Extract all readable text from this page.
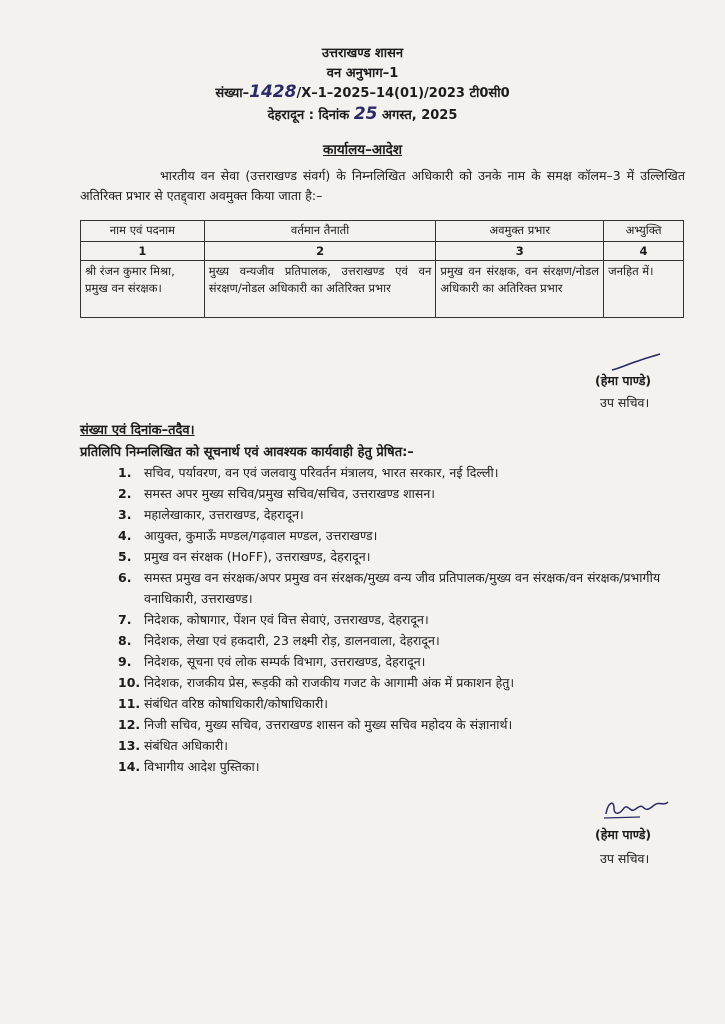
उत्तराखण्ड शासन
वन अनुभाग–1
संख्या–1428/X–1–2025–14(01)/2023 टी0सी0
देहरादून : दिनांक 25 अगस्त, 2025
कार्यालय–आदेश
भारतीय वन सेवा (उत्तराखण्ड संवर्ग) के निम्नलिखित अधिकारी को उनके नाम के समक्ष कॉलम–3 में उल्लिखित अतिरिक्त प्रभार से एतद्द्वारा अवमुक्त किया जाता है:–
नाम एवं पदनाम	वर्तमान तैनाती	अवमुक्त प्रभार	अभ्युक्ति
1	2	3	4
श्री रंजन कुमार मिश्रा, प्रमुख वन संरक्षक।	मुख्य वन्यजीव प्रतिपालक, उत्तराखण्ड एवं वन संरक्षण/नोडल अधिकारी का अतिरिक्त प्रभार	प्रमुख वन संरक्षक, वन संरक्षण/नोडल अधिकारी का अतिरिक्त प्रभार	जनहित में।
(हेमा पाण्डे)
उप सचिव।
संख्या एवं दिनांक–तदैव।
प्रतिलिपि निम्नलिखित को सूचनार्थ एवं आवश्यक कार्यवाही हेतु प्रेषित:–
1.	सचिव, पर्यावरण, वन एवं जलवायु परिवर्तन मंत्रालय, भारत सरकार, नई दिल्ली।
2.	समस्त अपर मुख्य सचिव/प्रमुख सचिव/सचिव, उत्तराखण्ड शासन।
3.	महालेखाकार, उत्तराखण्ड, देहरादून।
4.	आयुक्त, कुमाऊँ मण्डल/गढ़वाल मण्डल, उत्तराखण्ड।
5.	प्रमुख वन संरक्षक (HoFF), उत्तराखण्ड, देहरादून।
6.	समस्त प्रमुख वन संरक्षक/अपर प्रमुख वन संरक्षक/मुख्य वन्य जीव प्रतिपालक/मुख्य वन संरक्षक/वन संरक्षक/प्रभागीय वनाधिकारी, उत्तराखण्ड।
7.	निदेशक, कोषागार, पेंशन एवं वित्त सेवाएं, उत्तराखण्ड, देहरादून।
8.	निदेशक, लेखा एवं हकदारी, 23 लक्ष्मी रोड़, डालनवाला, देहरादून।
9.	निदेशक, सूचना एवं लोक सम्पर्क विभाग, उत्तराखण्ड, देहरादून।
10. निदेशक, राजकीय प्रेस, रूड़की को राजकीय गजट के आगामी अंक में प्रकाशन हेतु।
11. संबंधित वरिष्ठ कोषाधिकारी/कोषाधिकारी।
12. निजी सचिव, मुख्य सचिव, उत्तराखण्ड शासन को मुख्य सचिव महोदय के संज्ञानार्थ।
13. संबंधित अधिकारी।
14. विभागीय आदेश पुस्तिका।
(हेमा पाण्डे)
उप सचिव।
